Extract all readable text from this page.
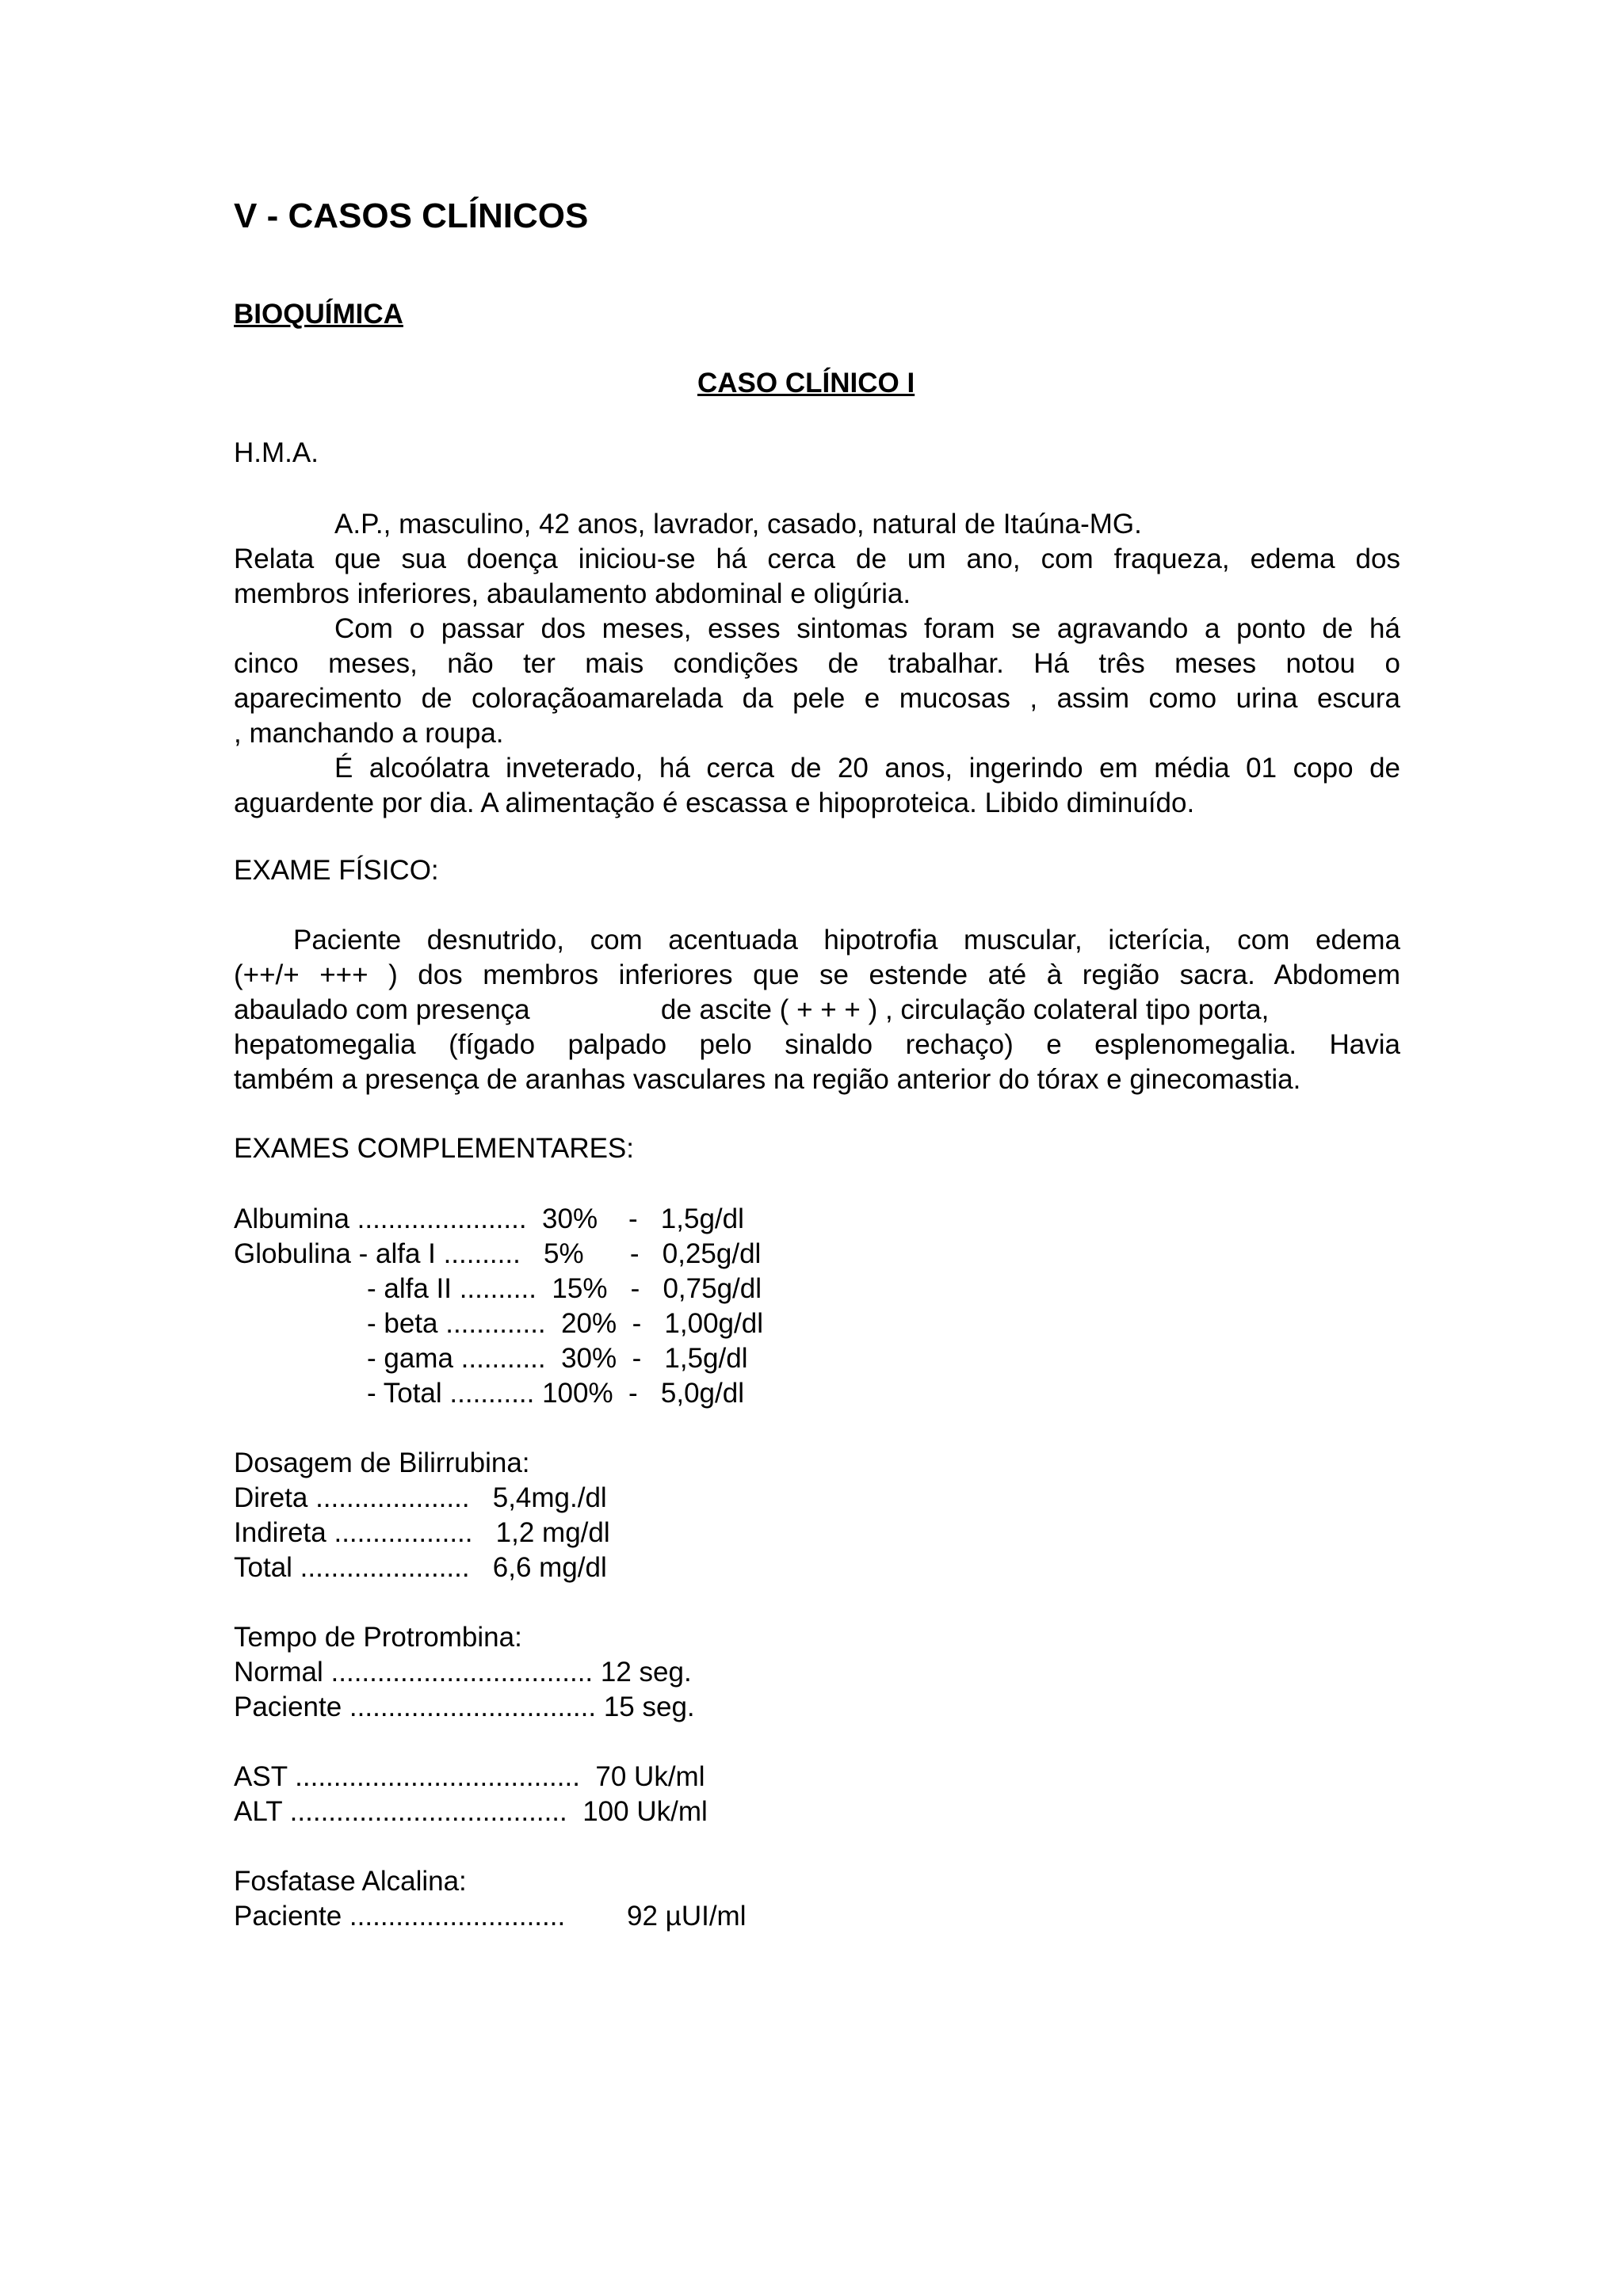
V - CASOS CLÍNICOS
BIOQUÍMICA
CASO CLÍNICO I
H.M.A.
A.P., masculino, 42 anos, lavrador, casado, natural de Itaúna-MG.
Relata que sua doença iniciou-se há cerca de um ano, com fraqueza, edema dos
membros inferiores, abaulamento abdominal e oligúria.
Com o passar dos meses, esses sintomas foram se agravando a ponto de há
cinco meses, não ter mais condições de trabalhar. Há três meses notou o
aparecimento de coloraçãoamarelada da pele e mucosas , assim como urina escura
, manchando a roupa.
É alcoólatra inveterado, há cerca de 20 anos, ingerindo em média 01 copo de
aguardente por dia. A alimentação é escassa e hipoproteica. Libido diminuído.
EXAME FÍSICO:
Paciente desnutrido, com acentuada hipotrofia muscular, icterícia, com edema
(++/+ +++ ) dos membros inferiores que se estende até à região sacra. Abdomem
abaulado com presença                 de ascite ( + + + ) , circulação colateral tipo porta,
hepatomegalia (fígado palpado pelo sinaldo rechaço) e esplenomegalia. Havia
também a presença de aranhas vasculares na região anterior do tórax e ginecomastia.
EXAMES COMPLEMENTARES:
Albumina ......................  30%    -   1,5g/dl
Globulina - alfa I ..........   5%      -   0,25g/dl
- alfa II ..........  15%   -   0,75g/dl
- beta .............  20%  -   1,00g/dl
- gama ...........  30%  -   1,5g/dl
- Total ........... 100%  -   5,0g/dl
Dosagem de Bilirrubina:
Direta ....................   5,4mg./dl
Indireta ..................   1,2 mg/dl
Total ......................   6,6 mg/dl
Tempo de Protrombina:
Normal .................................. 12 seg.
Paciente ................................ 15 seg.
AST .....................................  70 Uk/ml
ALT ....................................  100 Uk/ml
Fosfatase Alcalina:
Paciente ............................        92 µUI/ml
